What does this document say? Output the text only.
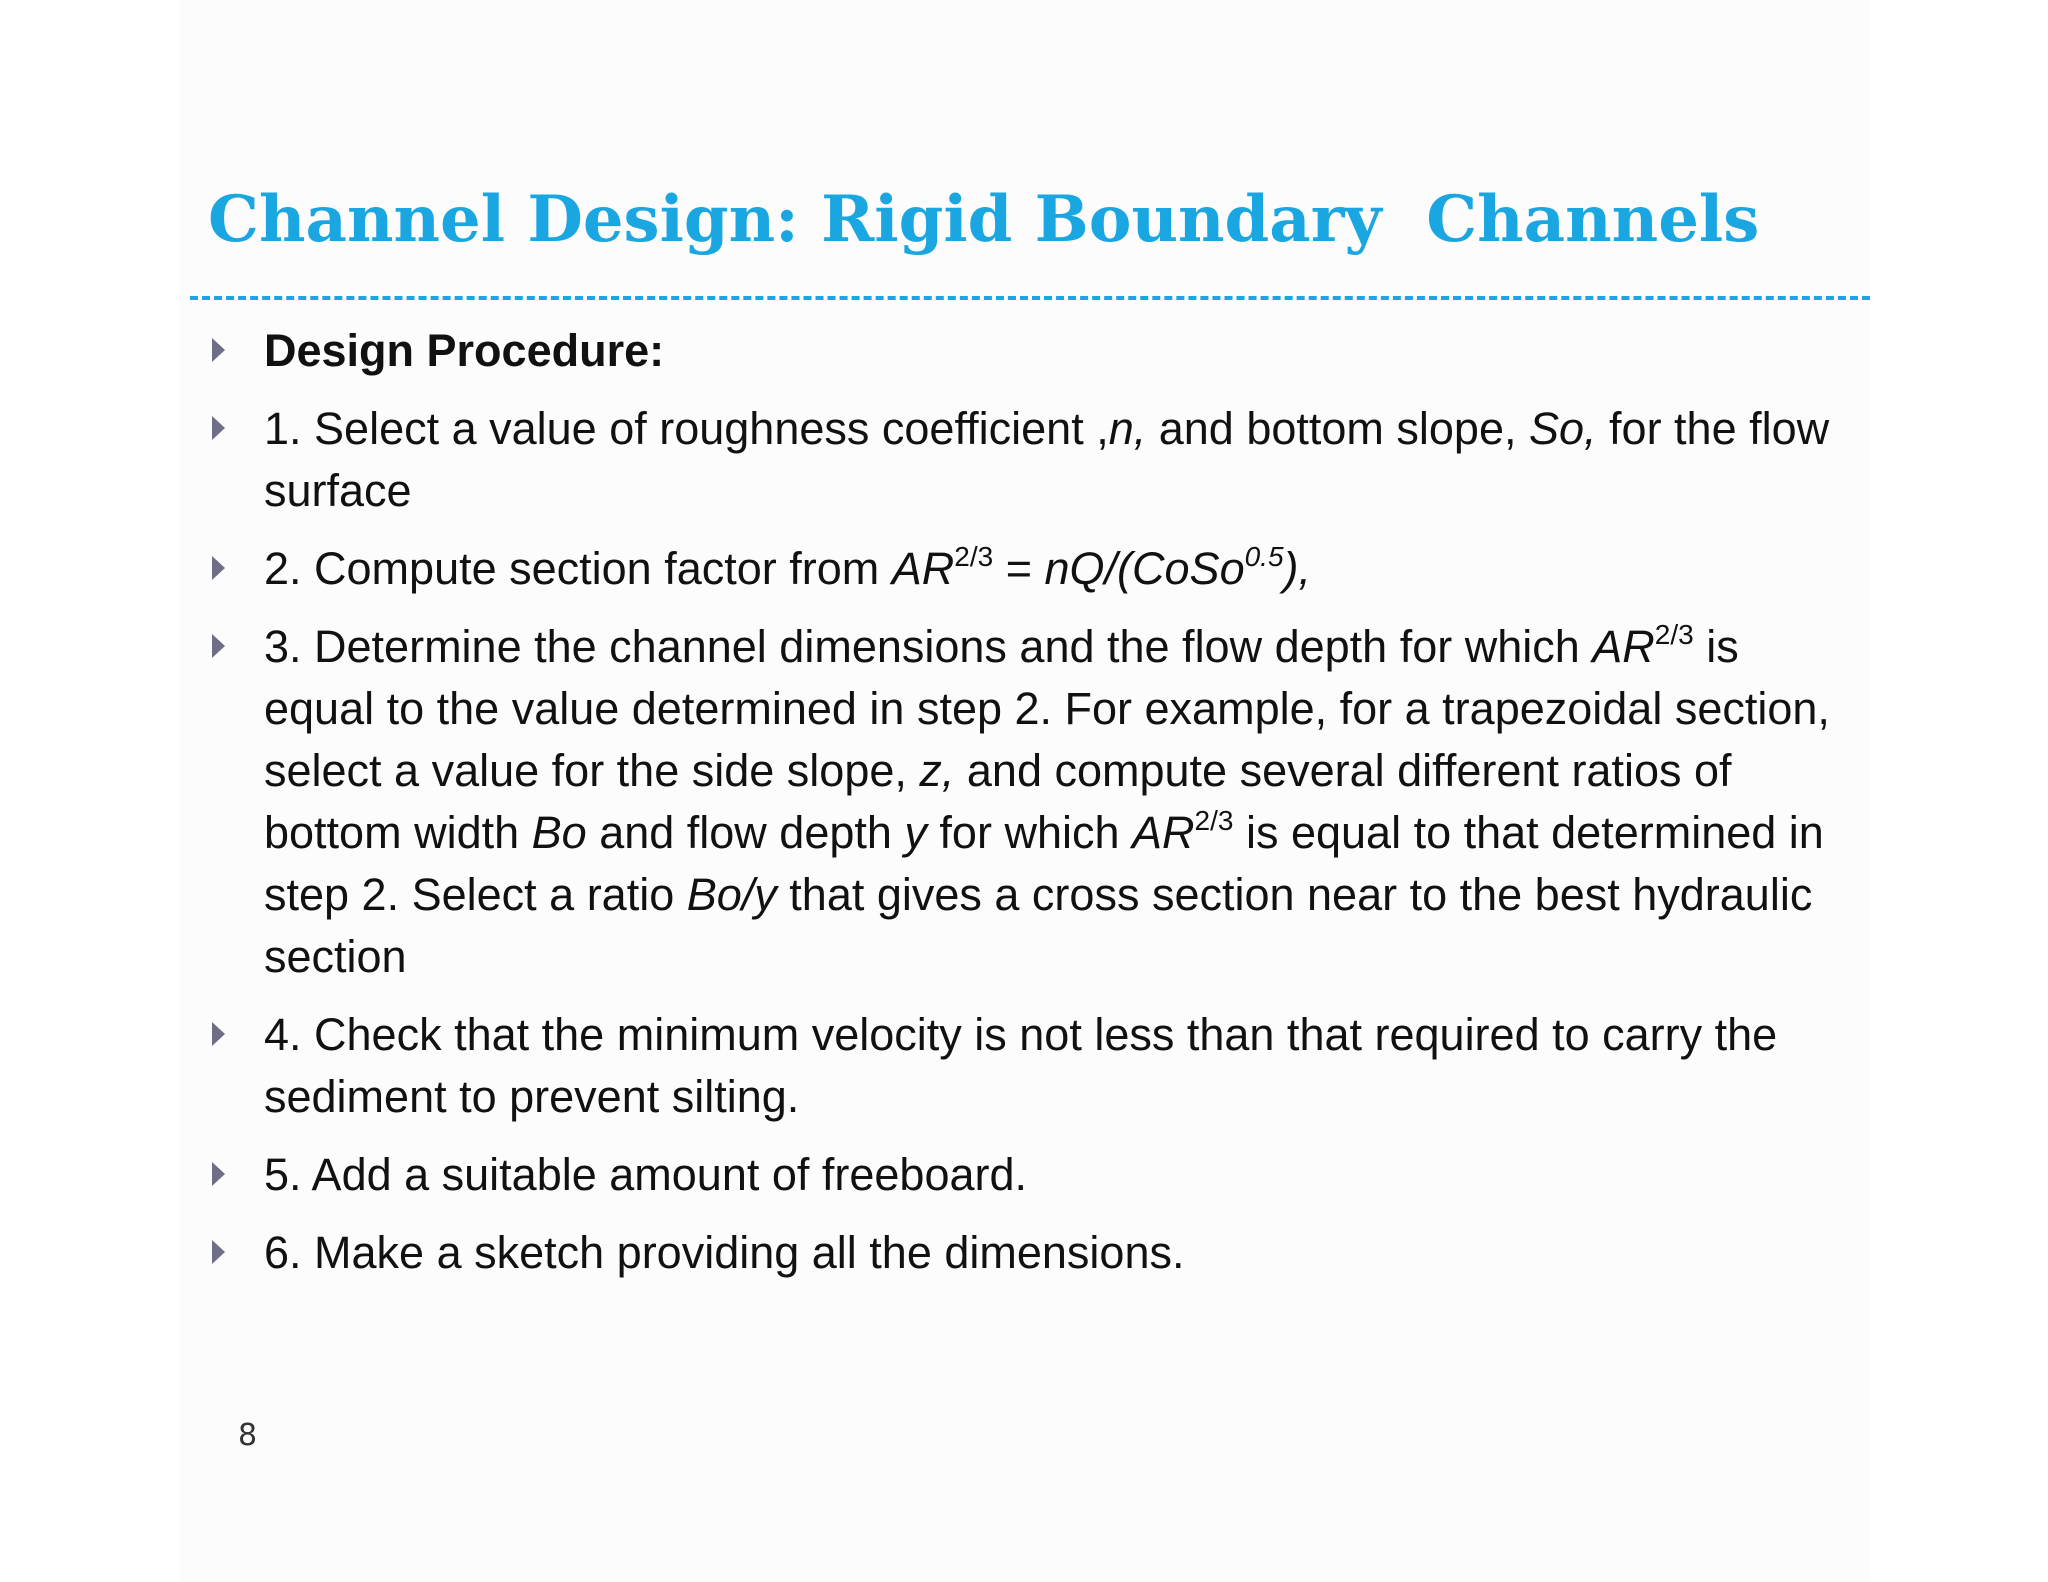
Channel Design: Rigid Boundary  Channels
Design Procedure:
1. Select a value of roughness coefficient ,n, and bottom slope, So, for the flow surface
2. Compute section factor from $AR^{2/3}$ = nQ/(CoSo$^{0.5}$),
3. Determine the channel dimensions and the flow depth for which $AR^{2/3}$ is equal to the value determined in step 2. For example, for a trapezoidal section, select a value for the side slope, z, and compute several different ratios of bottom width Bo and flow depth y for which $AR^{2/3}$ is equal to that determined in step 2. Select a ratio Bo/y that gives a cross section near to the best hydraulic section
4. Check that the minimum velocity is not less than that required to carry the sediment to prevent silting.
5. Add a suitable amount of freeboard.
6. Make a sketch providing all the dimensions.
8
